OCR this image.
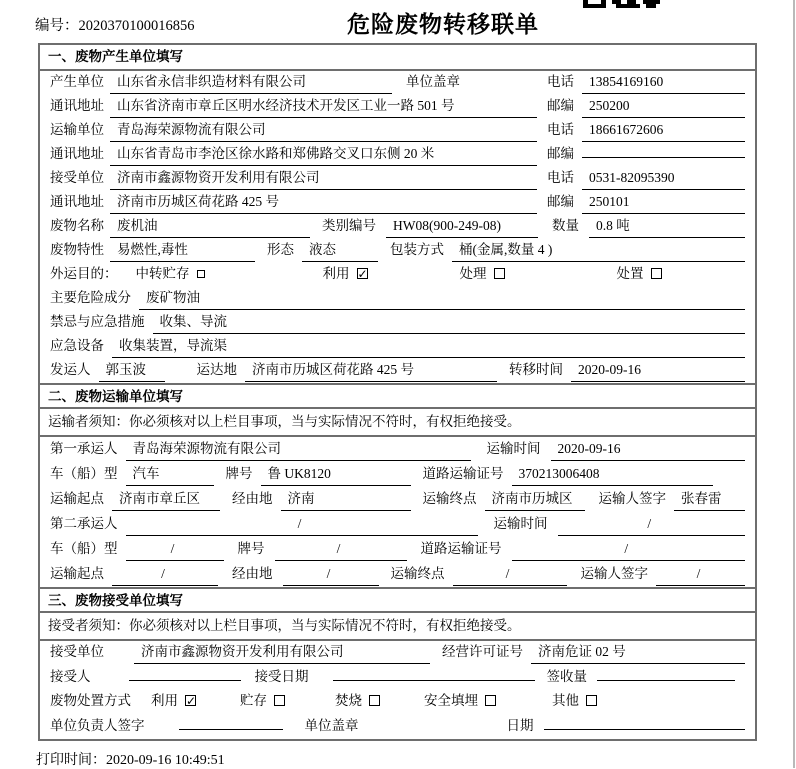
编号：2020370100016856	危险废物转移联单
一、废物产生单位填写
产生单位 山东省永信非织造材料有限公司	单位盖章	电话	13854169160
通讯地址 山东省济南市章丘区明水经济技术开发区工业一路 501 号	邮编	250200
运输单位 青岛海荣源物流有限公司	电话	18661672606
通讯地址 山东省青岛市李沧区徐水路和郑佛路交叉口东侧 20 米	邮编
接受单位 济南市鑫源物资开发利用有限公司	电话	0531-82095390
通讯地址 济南市历城区荷花路 425 号	邮编	250101
废物名称 废机油	类别编号	HW08(900-249-08)	数量	0.8 吨
废物特性 易燃性,毒性	形态	液态	包装方式	桶(金属,数量 4 )
外运目的： 中转贮存	利用 ✓	处理	处置
主要危险成分	废矿物油
禁忌与应急措施	收集、导流
应急设备	收集装置，导流渠
发运人	郭玉波	运达地	济南市历城区荷花路 425 号	转移时间	2020-09-16
二、废物运输单位填写
运输者须知：你必须核对以上栏目事项，当与实际情况不符时，有权拒绝接受。
第一承运人	青岛海荣源物流有限公司	运输时间	2020-09-16
车（船）型	汽车	牌号	鲁 UK8120	道路运输证号	370213006408
运输起点	济南市章丘区	经由地	济南	运输终点	济南市历城区	运输人签字	张春雷
第二承运人	/	运输时间	/
车（船）型	/	牌号	/	道路运输证号	/
运输起点	/	经由地	/	运输终点	/	运输人签字	/
三、废物接受单位填写
接受者须知：你必须核对以上栏目事项，当与实际情况不符时，有权拒绝接受。
接受单位	济南市鑫源物资开发利用有限公司	经营许可证号	济南危证 02 号
接受人	接受日期	签收量
废物处置方式 利用 ✓	贮存	焚烧	安全填埋	其他
单位负责人签字	单位盖章	日期
打印时间：2020-09-16 10:49:51
